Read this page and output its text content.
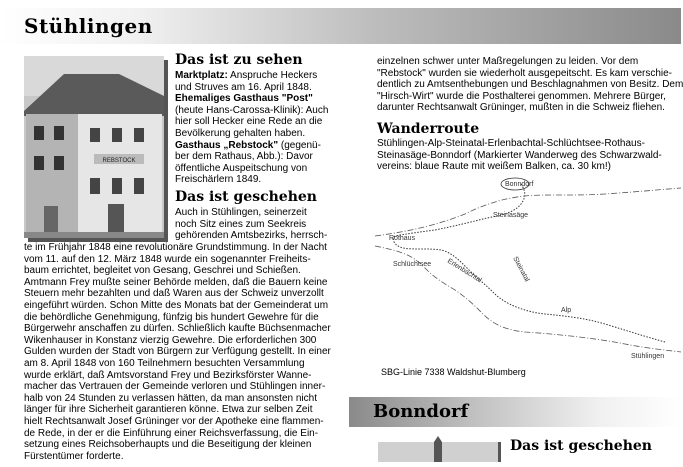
Stühlingen
REBSTOCK
Das ist zu sehen
Marktplatz: Anspruche Heckers
und Struves am 16. April 1848.
Ehemaliges Gasthaus "Post"
(heute Hans-Carossa-Klinik): Auch
hier soll Hecker eine Rede an die
Bevölkerung gehalten haben.
Gasthaus „Rebstock" (gegenü-
ber dem Rathaus, Abb.): Davor
öffentliche Auspeitschung von
Freischärlern 1849.
Das ist geschehen
Auch in Stühlingen, seinerzeit
noch Sitz eines zum Seekreis
gehörenden Amtsbezirks, herrsch-
te im Frühjahr 1848 eine revolutionäre Grundstimmung. In der Nacht
vom 11. auf den 12. März 1848 wurde ein sogenannter Freiheits-
baum errichtet, begleitet von Gesang, Geschrei und Schießen.
Amtmann Frey mußte seiner Behörde melden, daß die Bauern keine
Steuern mehr bezahlten und daß Waren aus der Schweiz unverzollt
eingeführt würden. Schon Mitte des Monats bat der Gemeinderat um
die behördliche Genehmigung, fünfzig bis hundert Gewehre für die
Bürgerwehr anschaffen zu dürfen. Schließlich kaufte Büchsenmacher
Wikenhauser in Konstanz vierzig Gewehre. Die erforderlichen 300
Gulden wurden der Stadt von Bürgern zur Verfügung gestellt. In einer
am 8. April 1848 von 160 Teilnehmern besuchten Versammlung
wurde erklärt, daß Amtsvorstand Frey und Bezirksförster Wanne-
macher das Vertrauen der Gemeinde verloren und Stühlingen inner-
halb von 24 Stunden zu verlassen hätten, da man ansonsten nicht
länger für ihre Sicherheit garantieren könne. Etwa zur selben Zeit
hielt Rechtsanwalt Josef Grüninger vor der Apotheke eine flammen-
de Rede, in der er die Einführung einer Reichsverfassung, die Ein-
setzung eines Reichsoberhaupts und die Beseitigung der kleinen
Fürstentümer forderte.
einzelnen schwer unter Maßregelungen zu leiden. Vor dem
"Rebstock" wurden sie wiederholt ausgepeitscht. Es kam verschie-
dentlich zu Amtsenthebungen und Beschlagnahmen von Besitz. Dem
"Hirsch-Wirt" wurde die Posthalterei genommen. Mehrere Bürger,
darunter Rechtsanwalt Grüninger, mußten in die Schweiz fliehen.
Wanderroute
Stühlingen-Alp-Steinatal-Erlenbachtal-Schlüchtsee-Rothaus-
Steinasäge-Bonndorf (Markierter Wanderweg des Schwarzwald-
vereins: blaue Raute mit weißem Balken, ca. 30 km!)
Bonndorf
Steinasäge
Rothaus
Schlüchtsee Erlenbachtal	Steinatal
Alp
Stühlingen
SBG-Linie 7338 Waldshut-Blumberg
Bonndorf
Das ist geschehen
